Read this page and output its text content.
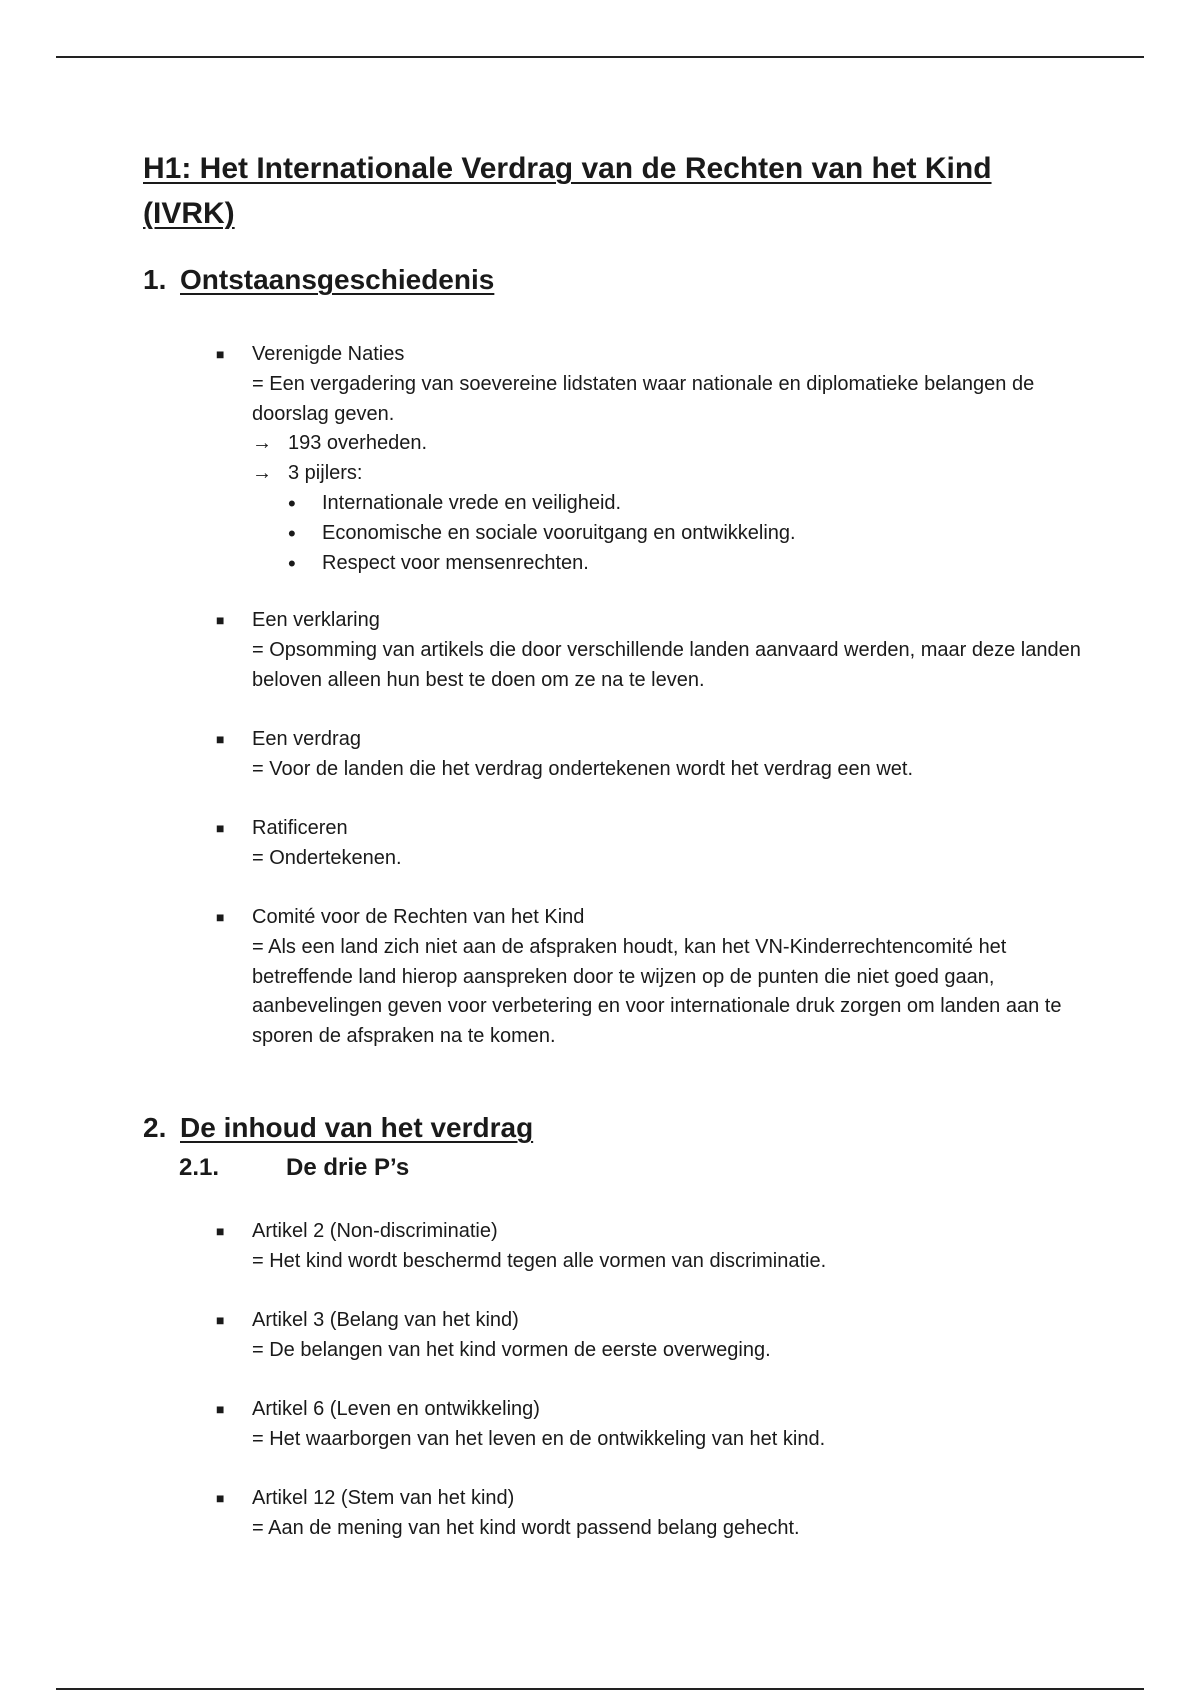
H1: Het Internationale Verdrag van de Rechten van het Kind (IVRK)
1. Ontstaansgeschiedenis
■ Verenigde Naties
= Een vergadering van soevereine lidstaten waar nationale en diplomatieke belangen de doorslag geven.
→ 193 overheden.
→ 3 pijlers:
• Internationale vrede en veiligheid.
• Economische en sociale vooruitgang en ontwikkeling.
• Respect voor mensenrechten.
■ Een verklaring
= Opsomming van artikels die door verschillende landen aanvaard werden, maar deze landen beloven alleen hun best te doen om ze na te leven.
■ Een verdrag
= Voor de landen die het verdrag ondertekenen wordt het verdrag een wet.
■ Ratificeren
= Ondertekenen.
■ Comité voor de Rechten van het Kind
= Als een land zich niet aan de afspraken houdt, kan het VN-Kinderrechtencomité het betreffende land hierop aanspreken door te wijzen op de punten die niet goed gaan, aanbevelingen geven voor verbetering en voor internationale druk zorgen om landen aan te sporen de afspraken na te komen.
2. De inhoud van het verdrag
2.1.	De drie P’s
■ Artikel 2 (Non-discriminatie)
= Het kind wordt beschermd tegen alle vormen van discriminatie.
■ Artikel 3 (Belang van het kind)
= De belangen van het kind vormen de eerste overweging.
■ Artikel 6 (Leven en ontwikkeling)
= Het waarborgen van het leven en de ontwikkeling van het kind.
■ Artikel 12 (Stem van het kind)
= Aan de mening van het kind wordt passend belang gehecht.
